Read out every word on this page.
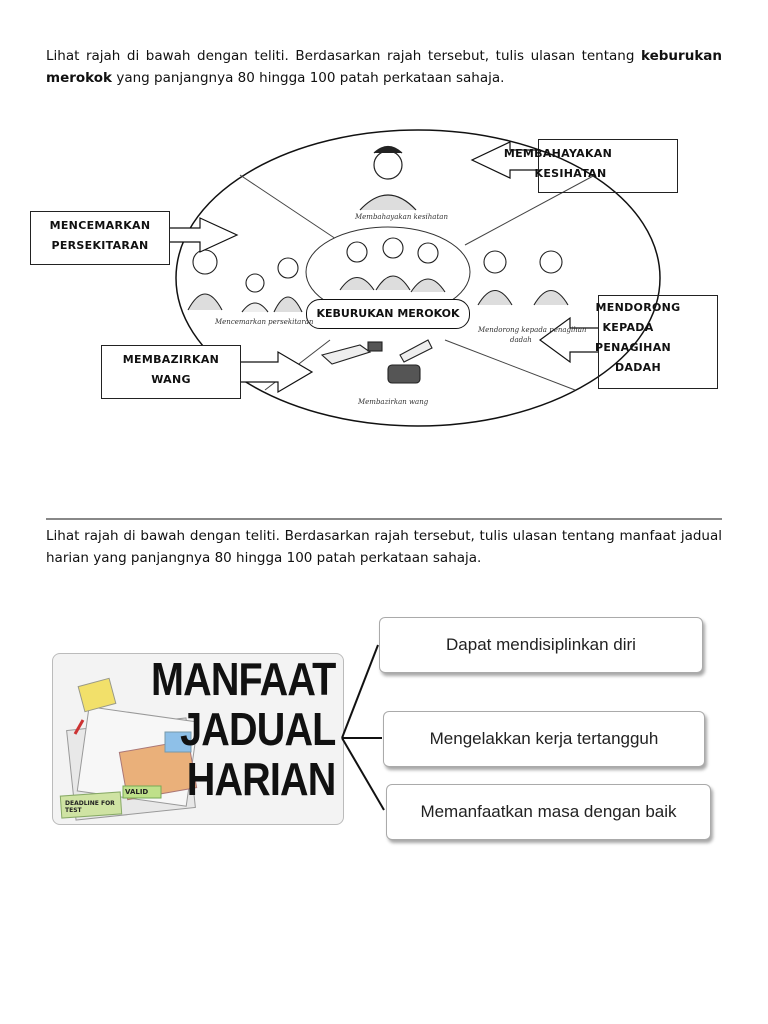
Lihat rajah di bawah dengan teliti. Berdasarkan rajah tersebut, tulis ulasan tentang keburukan merokok yang panjangnya 80 hingga 100 patah perkataan sahaja.
MENCEMARKAN
PERSEKITARAN
MEMBAHAYAKAN
KESIHATAN
MEMBAZIRKAN
WANG
MENDORONG
KEPADA
PENAGIHAN
DADAH
KEBURUKAN MEROKOK
Membahayakan kesihatan
Mencemarkan persekitaran
Mendorong kepada penagihan
dadah
Membazirkan wang
Lihat rajah di bawah dengan teliti. Berdasarkan rajah tersebut, tulis ulasan tentang manfaat jadual harian yang panjangnya 80 hingga 100 patah perkataan sahaja.
VALID
DEADLINE FOR TEST
MANFAAT
JADUAL
HARIAN
Dapat mendisiplinkan diri
Mengelakkan kerja tertangguh
Memanfaatkan masa dengan baik
